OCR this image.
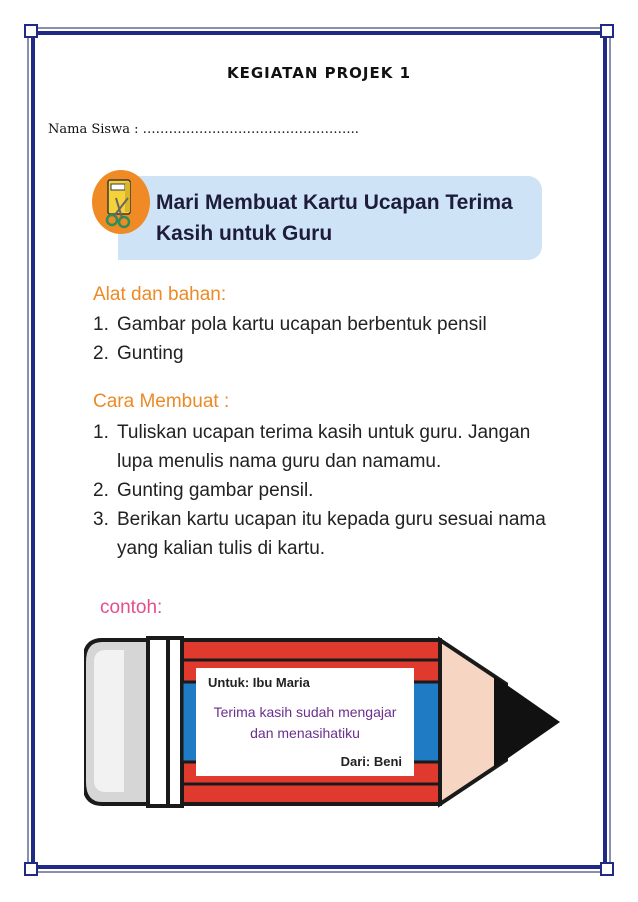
KEGIATAN PROJEK 1
Nama Siswa : …………………………………………..
Mari Membuat Kartu Ucapan Terima
Kasih untuk Guru
Alat dan bahan:
1. Gambar pola kartu ucapan berbentuk pensil
2. Gunting
Cara Membuat :
1. Tuliskan ucapan terima kasih untuk guru. Jangan lupa menulis nama guru dan namamu.
2. Gunting gambar pensil.
3. Berikan kartu ucapan itu kepada guru sesuai nama yang kalian tulis di kartu.
contoh:
Untuk: Ibu Maria
Terima kasih sudah mengajar
dan menasihatiku
Dari: Beni
